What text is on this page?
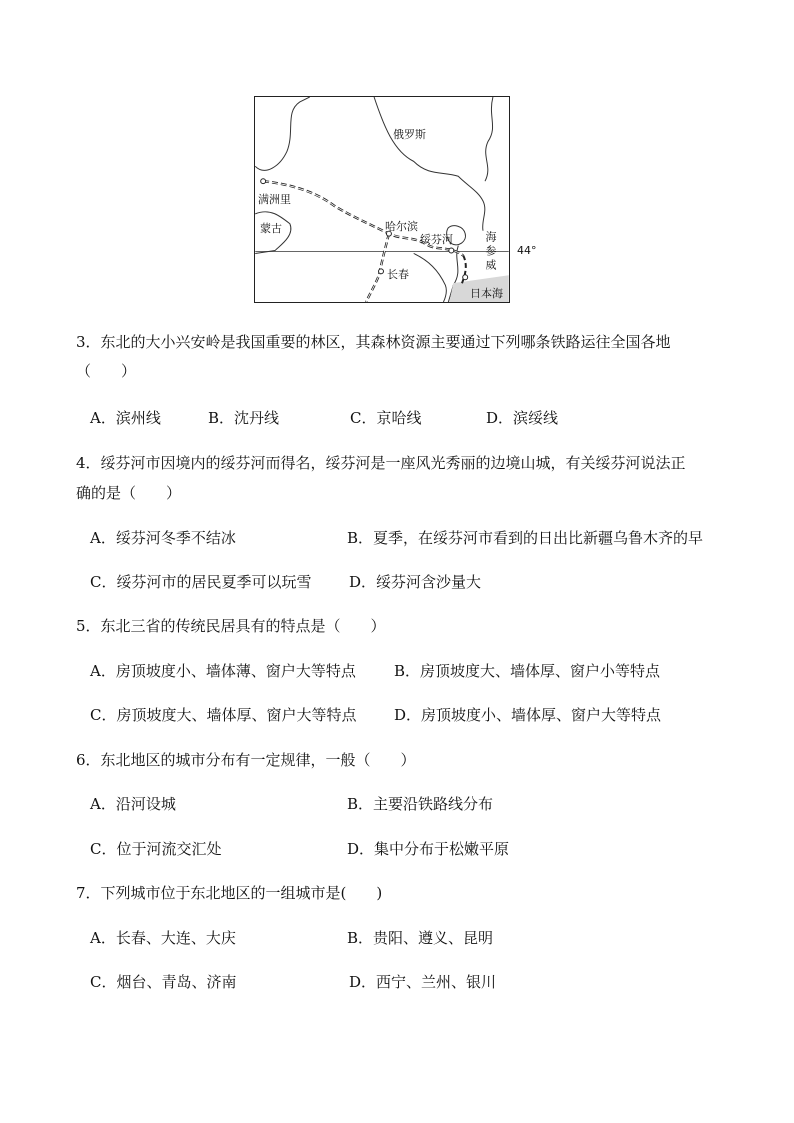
俄罗斯
满洲里
蒙古	哈尔滨
绥芬河	海参威 44°
长春
日本海
3．东北的大小兴安岭是我国重要的林区，其森林资源主要通过下列哪条铁路运往全国各地
（　　）
A．滨州线	B．沈丹线	C．京哈线	D．滨绥线
4．绥芬河市因境内的绥芬河而得名，绥芬河是一座风光秀丽的边境山城，有关绥芬河说法正
确的是（　　）
A．绥芬河冬季不结冰	B．夏季，在绥芬河市看到的日出比新疆乌鲁木齐的早
C．绥芬河市的居民夏季可以玩雪	D．绥芬河含沙量大
5．东北三省的传统民居具有的特点是（　　）
A．房顶坡度小、墙体薄、窗户大等特点	B．房顶坡度大、墙体厚、窗户小等特点
C．房顶坡度大、墙体厚、窗户大等特点	D．房顶坡度小、墙体厚、窗户大等特点
6．东北地区的城市分布有一定规律，一般（　　）
A．沿河设城	B．主要沿铁路线分布
C．位于河流交汇处	D．集中分布于松嫩平原
7．下列城市位于东北地区的一组城市是(　　)
A．长春、大连、大庆	B．贵阳、遵义、昆明
C．烟台、青岛、济南	D．西宁、兰州、银川
